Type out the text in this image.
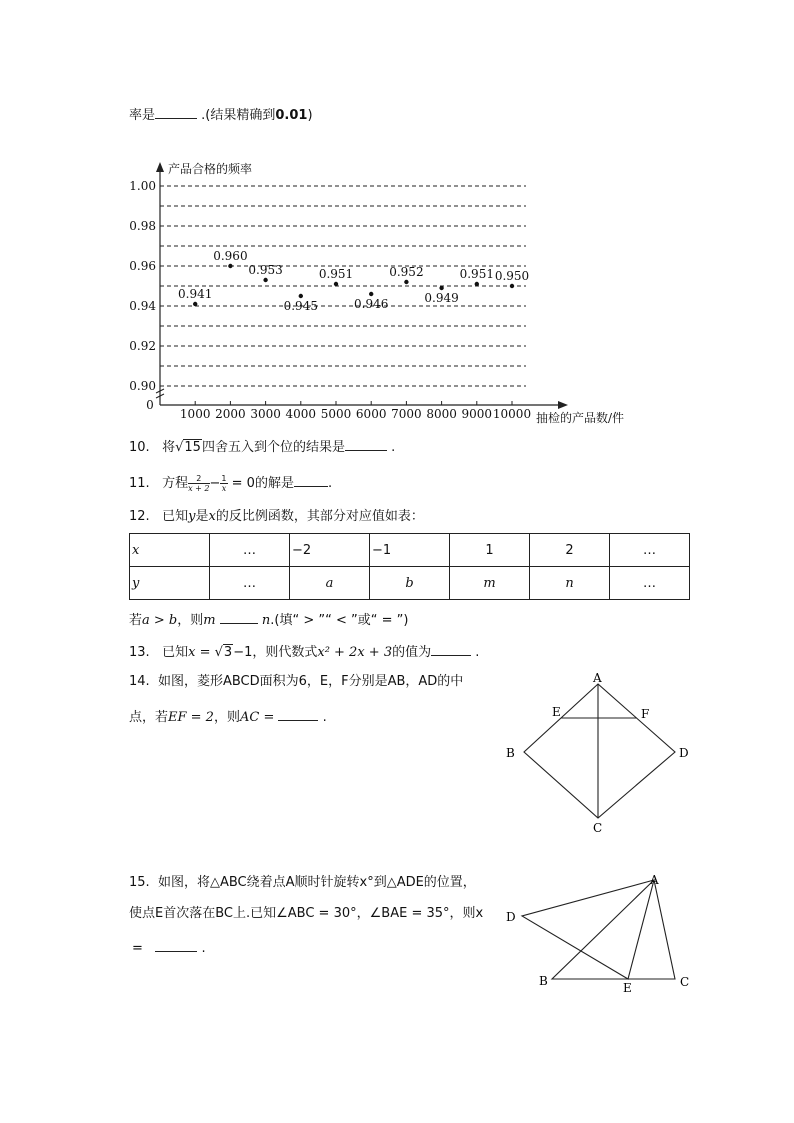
率是	.(结果精确到0.01)
0.90
0.92
0.94
0.96
0.98
1.00
0
1000 2000 3000 4000 5000 6000 7000 8000 9000 10000
产品合格的频率
抽检的产品数/件
0.941
0.960
0.953
0.945
0.951
0.946
0.952
0.949
0.951 0.950
10. 将√15四舍五入到个位的结果是	.
11. 方程 $\frac{2}{x + 2} - \frac{1}{x} = 0$的解是	.
12. 已知y是x的反比例函数，其部分对应值如表：
x	…	−2	−1	1	2	…
y	…	a	b	m	n	…
若a > b，则m	n.(填“ > ”“ < ”或“ = ”)
13. 已知x = √3−1，则代数式x² + 2x + 3的值为	.
14. 如图，菱形ABCD面积为6，E，F分别是AB，AD的中
点，若EF = 2，则AC =	.
A
B
C
D
E	F
15. 如图，将△ABC绕着点A顺时针旋转x°到△ADE的位置，
使点E首次落在BC上.已知∠ABC = 30°，∠BAE = 35°，则x
=	.
A
B	C
D
E
